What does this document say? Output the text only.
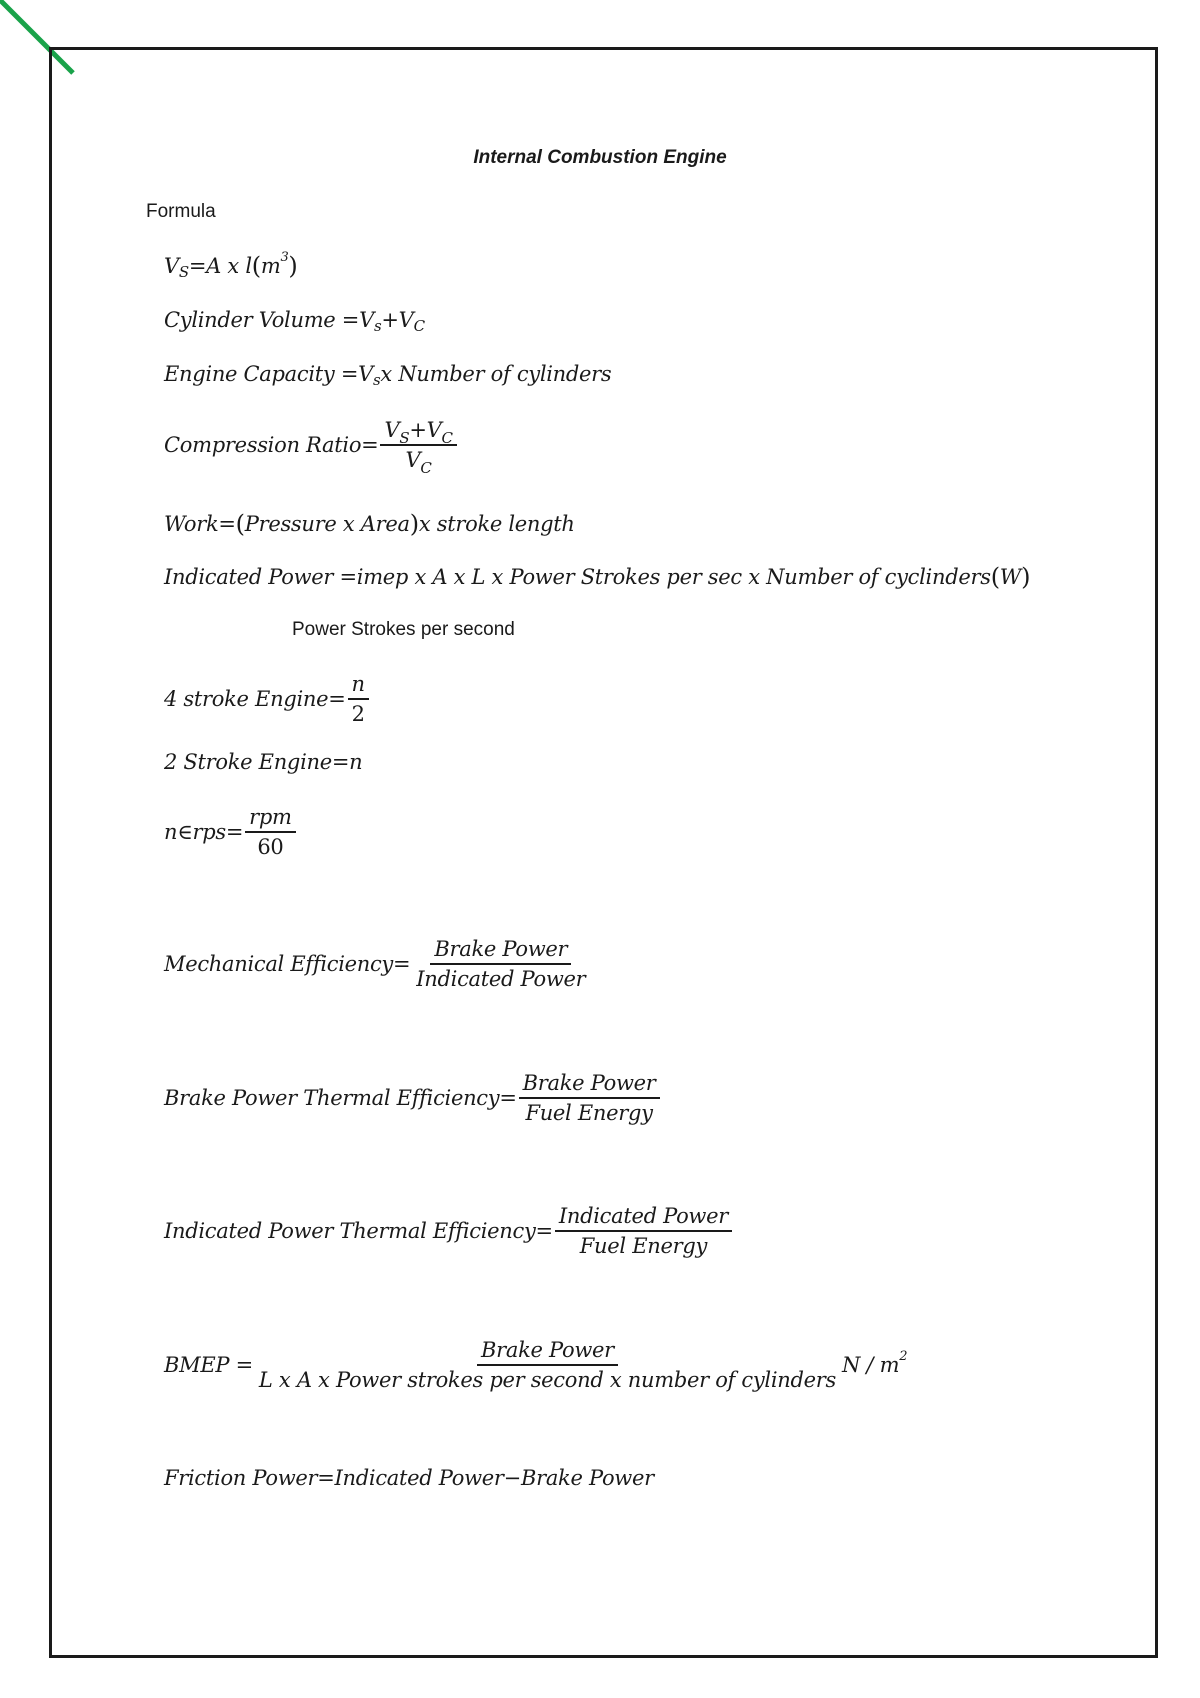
Internal Combustion Engine
Formula
V S =A x l ( m 3 )
Cylinder Volume =V s +V C
Engine Capacity =V s x Number of cylinders
Compression Ratio= $\frac{V_S+V_C}{V_C}$
Work= ( Pressure x Area ) x stroke length
Indicated Power =imep x A x L x Power Strokes per sec x Number of cyclinders ( W )
Power Strokes per second
4 stroke Engine= $\frac{n}{2}$
2 Stroke Engine=n
n∈rps= $\frac{\text{rpm}}{60}$
Mechanical Efficiency= $\frac{\text{Brake Power}}{\text{Indicated Power}}$
Brake Power Thermal Efficiency= $\frac{\text{Brake Power}}{\text{Fuel Energy}}$
Indicated Power Thermal Efficiency= $\frac{\text{Indicated Power}}{\text{Fuel Energy}}$
BMEP = $\frac{\text{Brake Power}}{\text{L x A x Power strokes per second x number of cylinders}}$ N / m 2
Friction Power=Indicated Power−Brake Power
